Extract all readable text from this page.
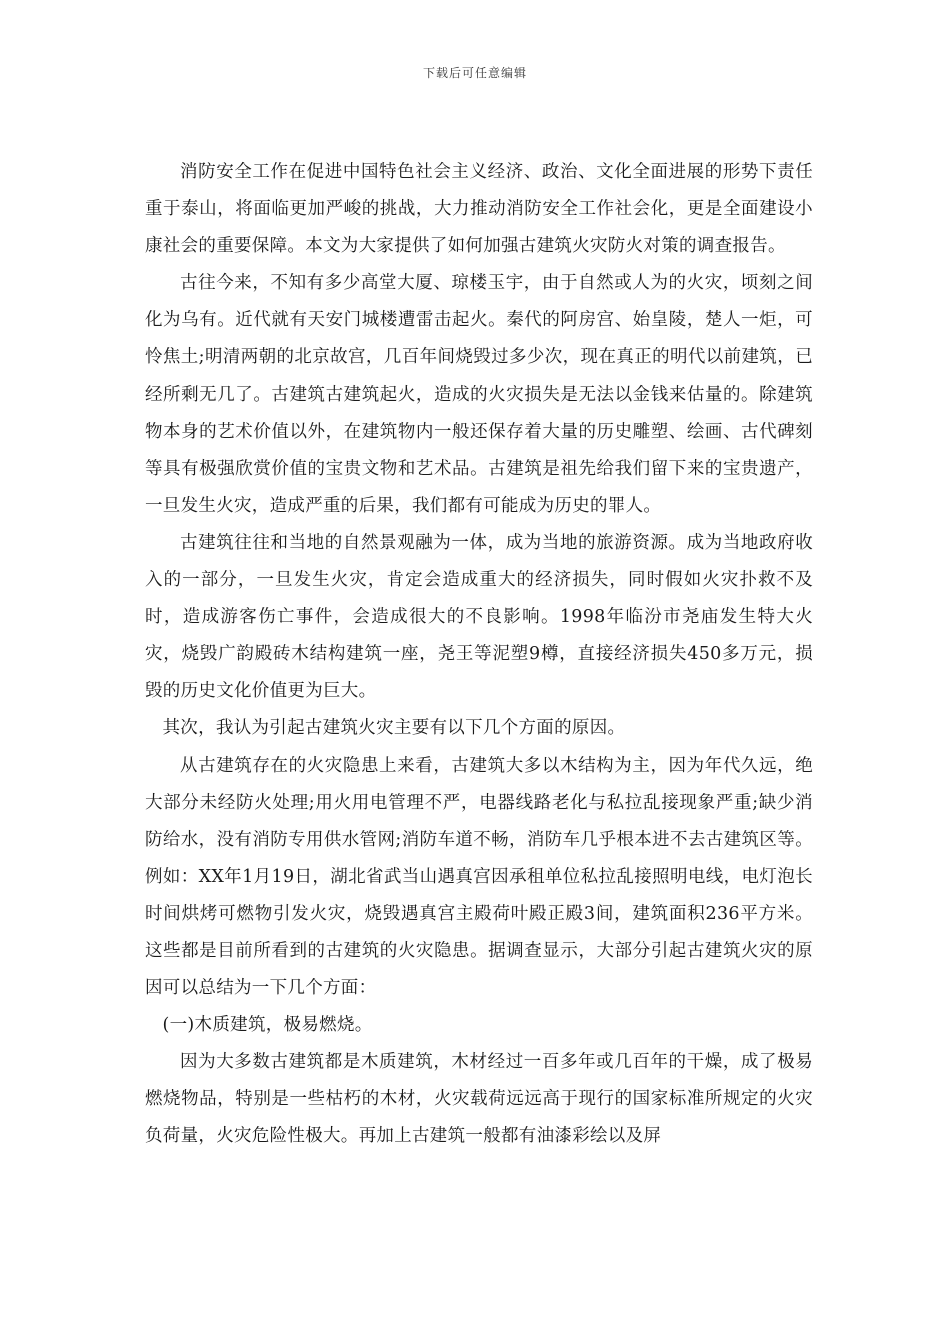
下载后可任意编辑

消防安全工作在促进中国特色社会主义经济、政治、文化全面进展的形势下责任重于泰山，将面临更加严峻的挑战，大力推动消防安全工作社会化，更是全面建设小康社会的重要保障。本文为大家提供了如何加强古建筑火灾防火对策的调查报告。

古往今来，不知有多少高堂大厦、琼楼玉宇，由于自然或人为的火灾，顷刻之间化为乌有。近代就有天安门城楼遭雷击起火。秦代的阿房宫、始皇陵，楚人一炬，可怜焦土;明清两朝的北京故宫，几百年间烧毁过多少次，现在真正的明代以前建筑，已经所剩无几了。古建筑古建筑起火，造成的火灾损失是无法以金钱来估量的。除建筑物本身的艺术价值以外，在建筑物内一般还保存着大量的历史雕塑、绘画、古代碑刻等具有极强欣赏价值的宝贵文物和艺术品。古建筑是祖先给我们留下来的宝贵遗产，一旦发生火灾，造成严重的后果，我们都有可能成为历史的罪人。

古建筑往往和当地的自然景观融为一体，成为当地的旅游资源。成为当地政府收入的一部分，一旦发生火灾，肯定会造成重大的经济损失，同时假如火灾扑救不及时，造成游客伤亡事件，会造成很大的不良影响。1998年临汾市尧庙发生特大火灾，烧毁广韵殿砖木结构建筑一座，尧王等泥塑9樽，直接经济损失450多万元，损毁的历史文化价值更为巨大。

其次，我认为引起古建筑火灾主要有以下几个方面的原因。

从古建筑存在的火灾隐患上来看，古建筑大多以木结构为主，因为年代久远，绝大部分未经防火处理;用火用电管理不严，电器线路老化与私拉乱接现象严重;缺少消防给水，没有消防专用供水管网;消防车道不畅，消防车几乎根本进不去古建筑区等。例如：XX年1月19日，湖北省武当山遇真宫因承租单位私拉乱接照明电线，电灯泡长时间烘烤可燃物引发火灾，烧毁遇真宫主殿荷叶殿正殿3间，建筑面积236平方米。这些都是目前所看到的古建筑的火灾隐患。据调查显示，大部分引起古建筑火灾的原因可以总结为一下几个方面：

(一)木质建筑，极易燃烧。

因为大多数古建筑都是木质建筑，木材经过一百多年或几百年的干燥，成了极易燃烧物品，特别是一些枯朽的木材，火灾载荷远远高于现行的国家标准所规定的火灾负荷量，火灾危险性极大。再加上古建筑一般都有油漆彩绘以及屏
